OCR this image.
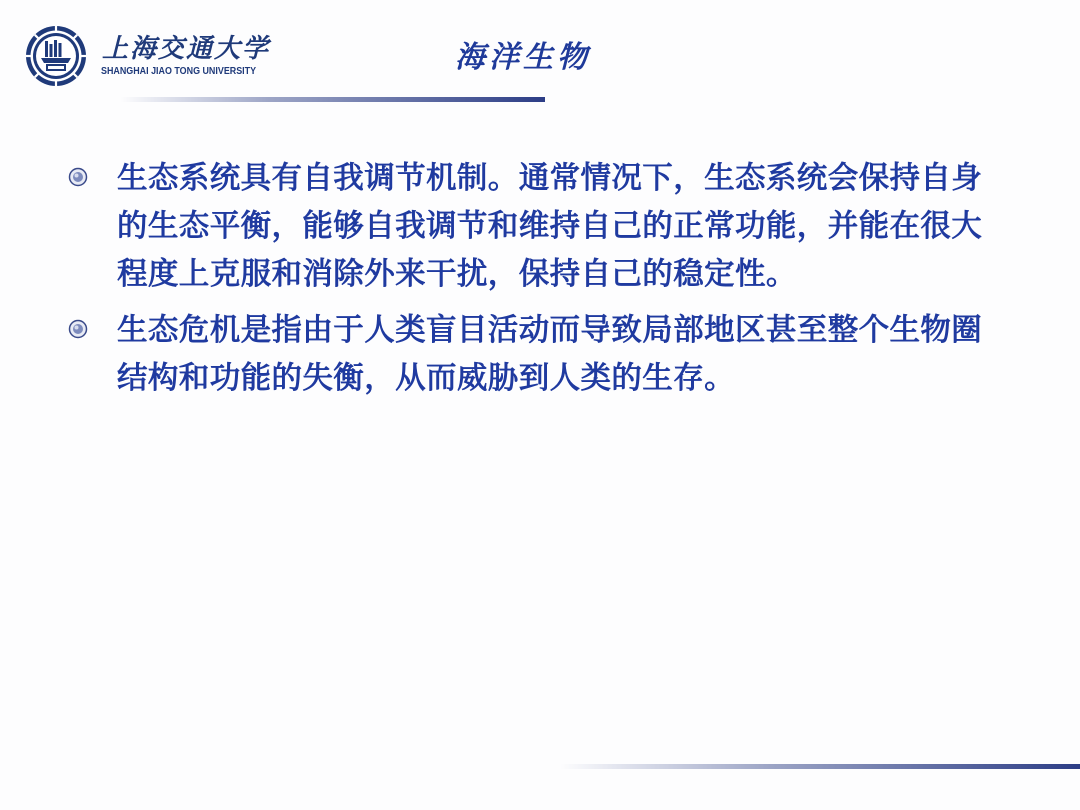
上海交通大学
SHANGHAI JIAO TONG UNIVERSITY	海洋生物
生态系统具有自我调节机制。通常情况下，生态系统会保持自身的生态平衡，能够自我调节和维持自己的正常功能，并能在很大程度上克服和消除外来干扰，保持自己的稳定性。
生态危机是指由于人类盲目活动而导致局部地区甚至整个生物圈结构和功能的失衡，从而威胁到人类的生存。
